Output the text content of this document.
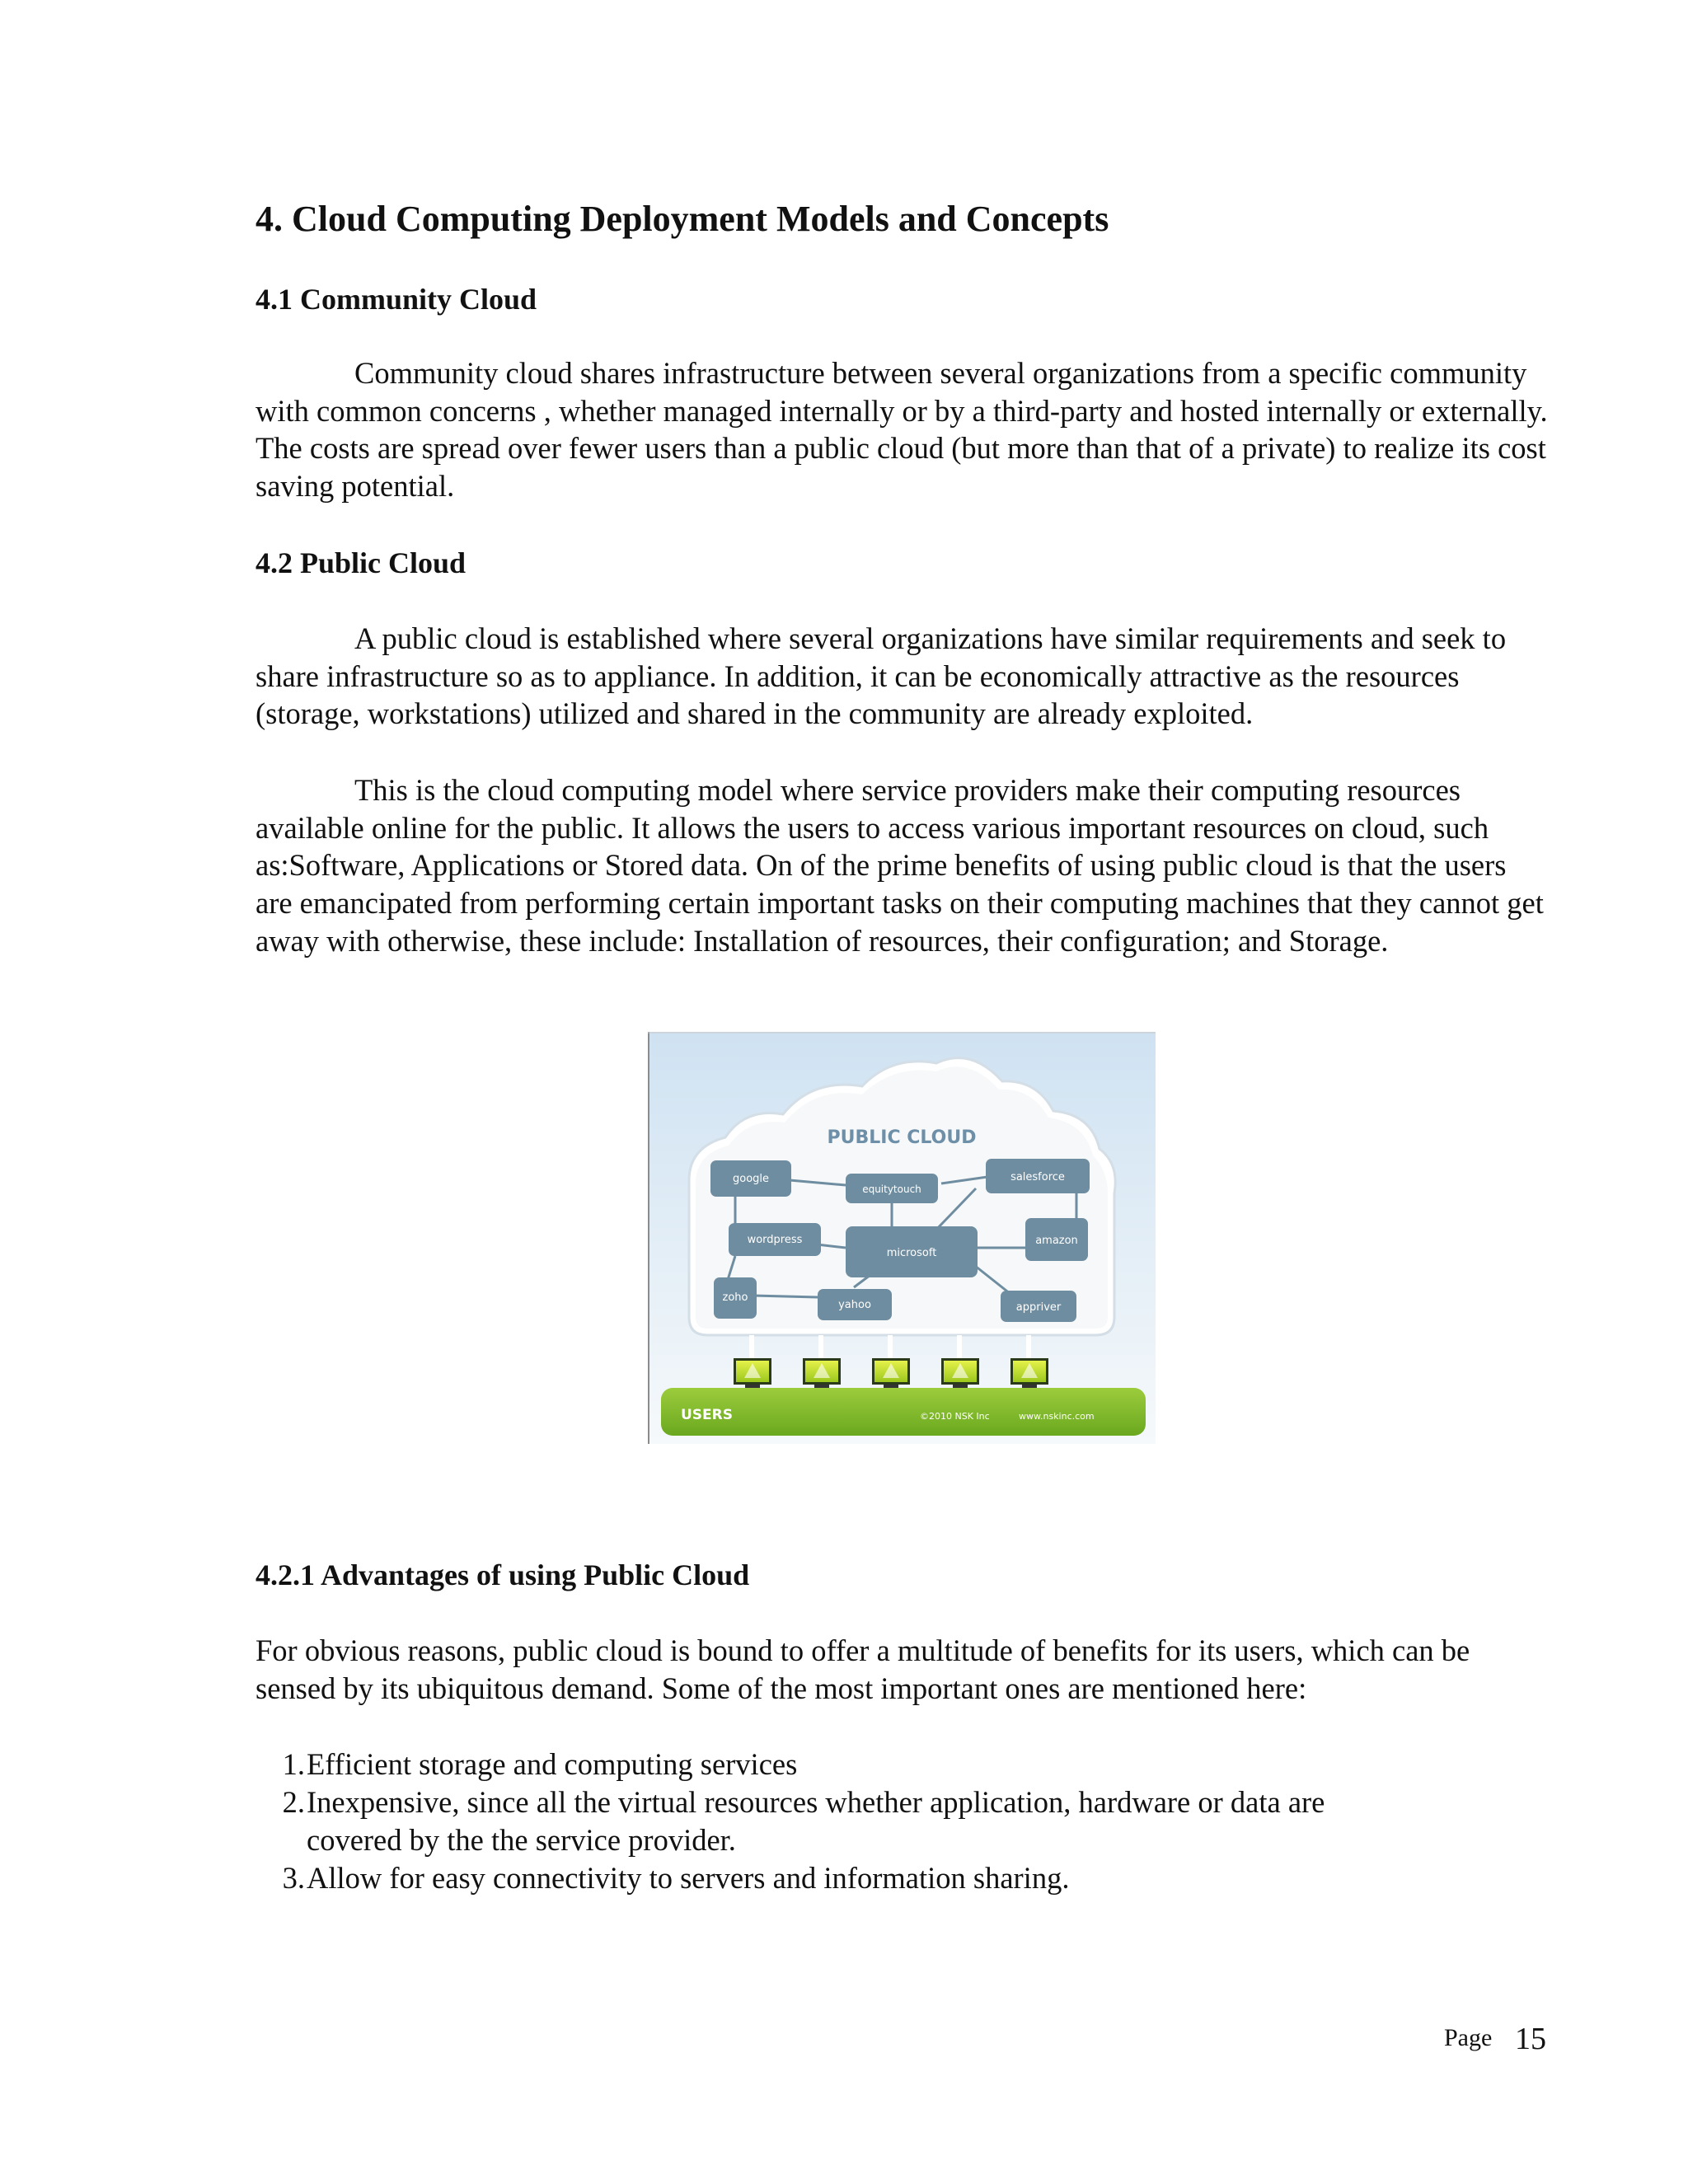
4. Cloud Computing Deployment Models and Concepts
4.1 Community Cloud

Community cloud shares infrastructure between several organizations from a specific community with common concerns , whether managed internally or by a third-party and hosted internally or externally. The costs are spread over fewer users than a public cloud (but more than that of a private) to realize its cost saving potential.

4.2 Public Cloud

A public cloud is established where several organizations have similar requirements and seek to share infrastructure so as to appliance. In addition, it can be economically attractive as the resources (storage, workstations) utilized and shared in the community are already exploited.

This is the cloud computing model where service providers make their computing resources available online for the public. It allows the users to access various important resources on cloud, such as:Software, Applications or Stored data. On of the prime benefits of using public cloud is that the users are emancipated from performing certain important tasks on their computing machines that they cannot get away with otherwise, these include: Installation of resources, their configuration; and Storage.

PUBLIC CLOUD
google
equitytouch
salesforce
wordpress
microsoft
amazon
zoho
yahoo	appriver
USERS	©2010 NSK Inc	www.nskinc.com
4.2.1 Advantages of using Public Cloud

For obvious reasons, public cloud is bound to offer a multitude of benefits for its users, which can be sensed by its ubiquitous demand. Some of the most important ones are mentioned here:

1. Efficient storage and computing services
2. Inexpensive, since all the virtual resources whether application, hardware or data are covered by the the service provider.
3. Allow for easy connectivity to servers and information sharing.
Page 15
